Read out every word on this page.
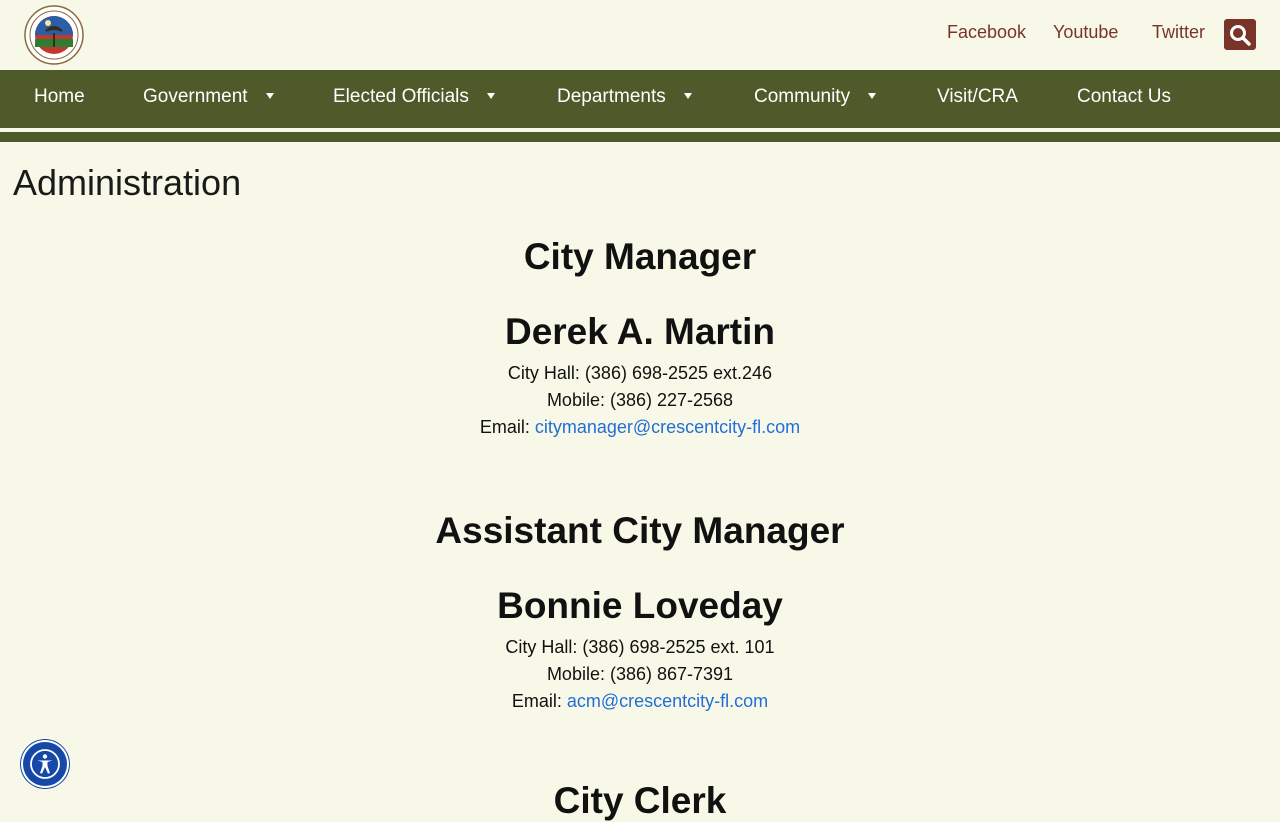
Facebook Youtube Twitter
Home	Government	Elected Officials	Departments	Community	Visit/CRA	Contact Us
Administration
City Manager
Derek A. Martin
City Hall: (386) 698-2525 ext.246
Mobile: (386) 227-2568
Email: citymanager@crescentcity-fl.com
Assistant City Manager
Bonnie Loveday
City Hall: (386) 698-2525 ext. 101
Mobile: (386) 867-7391
Email: acm@crescentcity-fl.com
City Clerk
